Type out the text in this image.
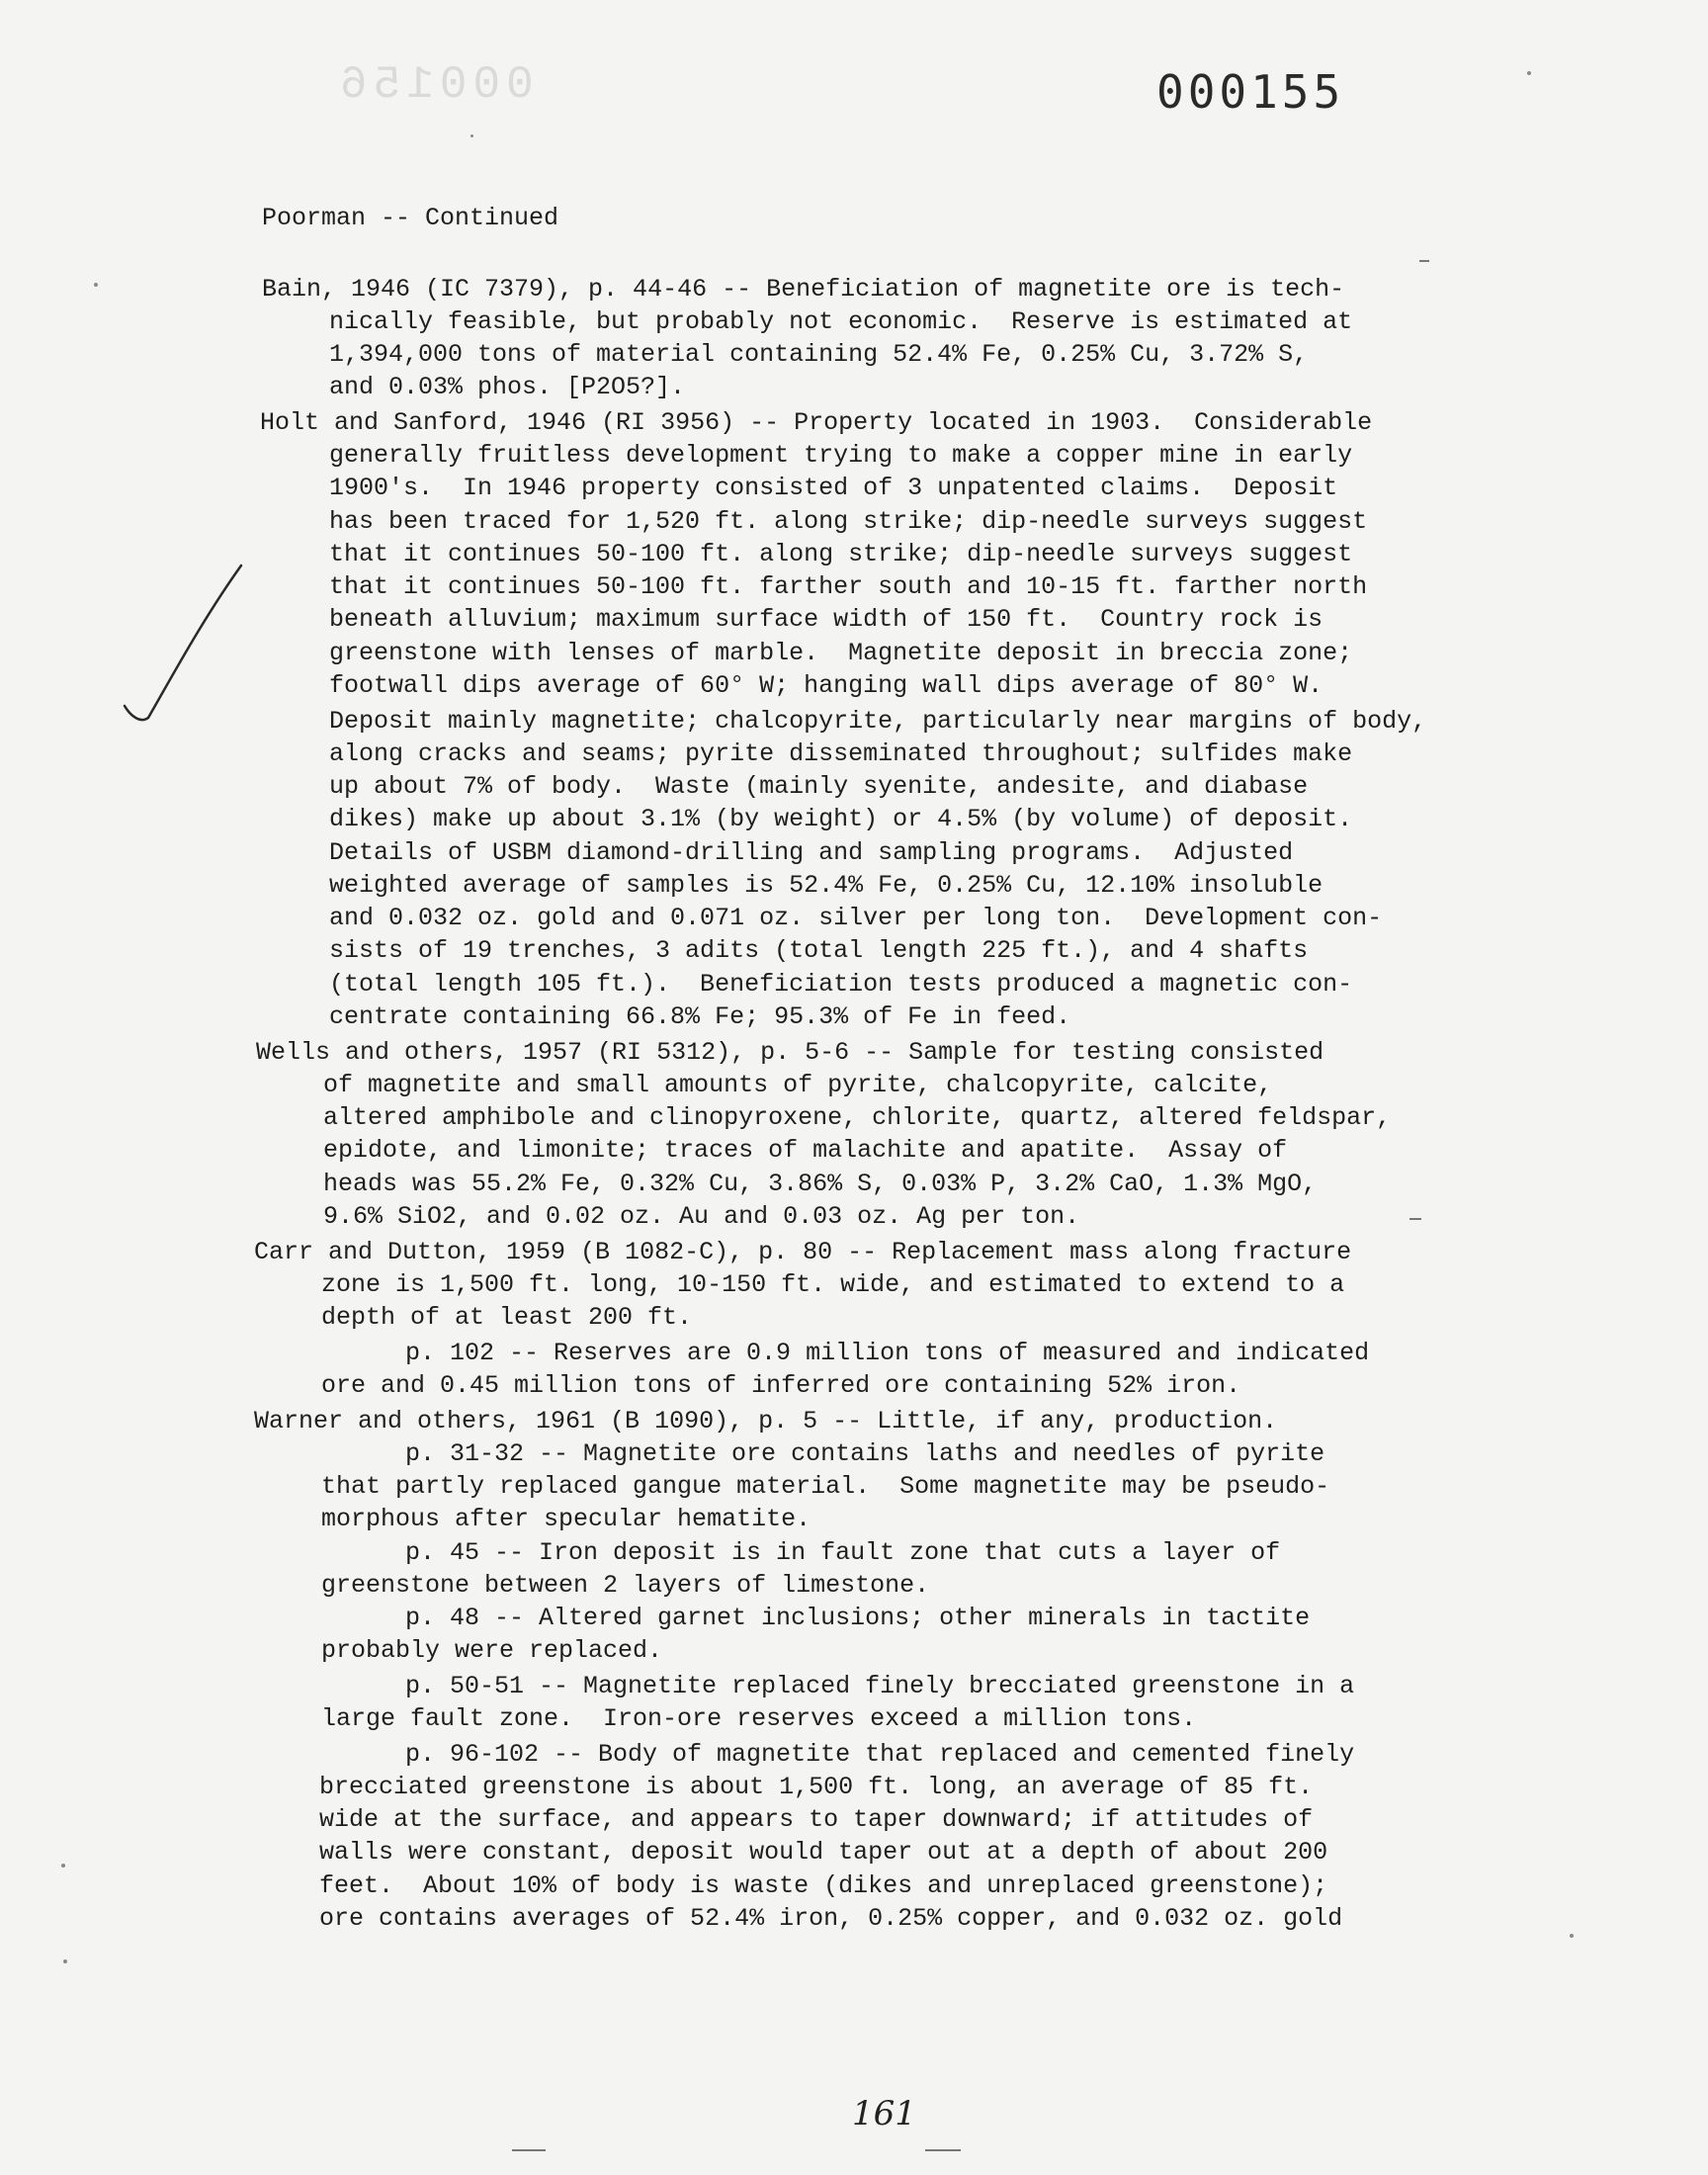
000156	000155
Poorman -- Continued
Bain, 1946 (IC 7379), p. 44-46 -- Beneficiation of magnetite ore is tech-
nically feasible, but probably not economic.  Reserve is estimated at
1,394,000 tons of material containing 52.4% Fe, 0.25% Cu, 3.72% S,
and 0.03% phos. [P2O5?].
Holt and Sanford, 1946 (RI 3956) -- Property located in 1903.  Considerable
generally fruitless development trying to make a copper mine in early
1900's.  In 1946 property consisted of 3 unpatented claims.  Deposit
has been traced for 1,520 ft. along strike; dip-needle surveys suggest
that it continues 50-100 ft. along strike; dip-needle surveys suggest
that it continues 50-100 ft. farther south and 10-15 ft. farther north
beneath alluvium; maximum surface width of 150 ft.  Country rock is
greenstone with lenses of marble.  Magnetite deposit in breccia zone;
footwall dips average of 60° W; hanging wall dips average of 80° W.
Deposit mainly magnetite; chalcopyrite, particularly near margins of body,
along cracks and seams; pyrite disseminated throughout; sulfides make
up about 7% of body.  Waste (mainly syenite, andesite, and diabase
dikes) make up about 3.1% (by weight) or 4.5% (by volume) of deposit.
Details of USBM diamond-drilling and sampling programs.  Adjusted
weighted average of samples is 52.4% Fe, 0.25% Cu, 12.10% insoluble
and 0.032 oz. gold and 0.071 oz. silver per long ton.  Development con-
sists of 19 trenches, 3 adits (total length 225 ft.), and 4 shafts
(total length 105 ft.).  Beneficiation tests produced a magnetic con-
centrate containing 66.8% Fe; 95.3% of Fe in feed.
Wells and others, 1957 (RI 5312), p. 5-6 -- Sample for testing consisted
of magnetite and small amounts of pyrite, chalcopyrite, calcite,
altered amphibole and clinopyroxene, chlorite, quartz, altered feldspar,
epidote, and limonite; traces of malachite and apatite.  Assay of
heads was 55.2% Fe, 0.32% Cu, 3.86% S, 0.03% P, 3.2% CaO, 1.3% MgO,
9.6% SiO2, and 0.02 oz. Au and 0.03 oz. Ag per ton.
Carr and Dutton, 1959 (B 1082-C), p. 80 -- Replacement mass along fracture
zone is 1,500 ft. long, 10-150 ft. wide, and estimated to extend to a
depth of at least 200 ft.
p. 102 -- Reserves are 0.9 million tons of measured and indicated
ore and 0.45 million tons of inferred ore containing 52% iron.
Warner and others, 1961 (B 1090), p. 5 -- Little, if any, production.
p. 31-32 -- Magnetite ore contains laths and needles of pyrite
that partly replaced gangue material.  Some magnetite may be pseudo-
morphous after specular hematite.
p. 45 -- Iron deposit is in fault zone that cuts a layer of
greenstone between 2 layers of limestone.
p. 48 -- Altered garnet inclusions; other minerals in tactite
probably were replaced.
p. 50-51 -- Magnetite replaced finely brecciated greenstone in a
large fault zone.  Iron-ore reserves exceed a million tons.
p. 96-102 -- Body of magnetite that replaced and cemented finely
brecciated greenstone is about 1,500 ft. long, an average of 85 ft.
wide at the surface, and appears to taper downward; if attitudes of
walls were constant, deposit would taper out at a depth of about 200
feet.  About 10% of body is waste (dikes and unreplaced greenstone);
ore contains averages of 52.4% iron, 0.25% copper, and 0.032 oz. gold
161
